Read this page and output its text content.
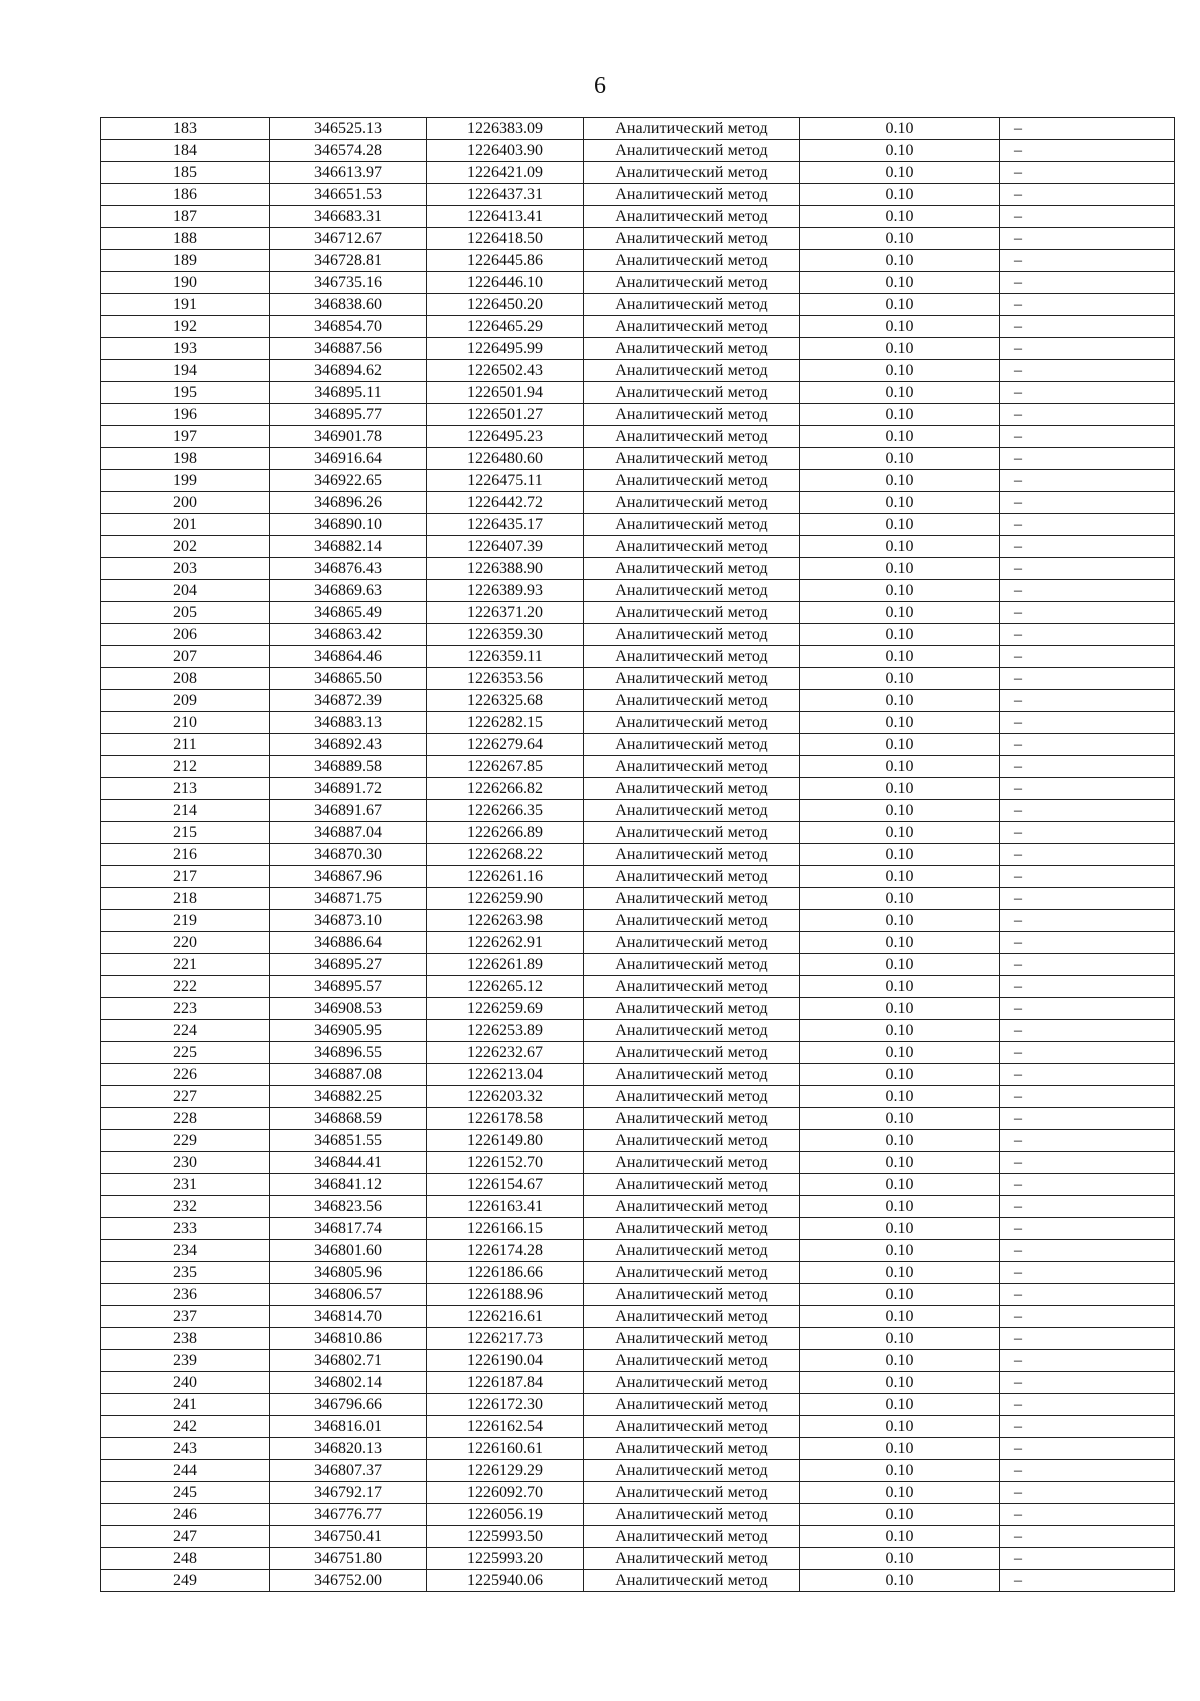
6
183	346525.13	1226383.09	Аналитический метод	0.10	–
184	346574.28	1226403.90	Аналитический метод	0.10	–
185	346613.97	1226421.09	Аналитический метод	0.10	–
186	346651.53	1226437.31	Аналитический метод	0.10	–
187	346683.31	1226413.41	Аналитический метод	0.10	–
188	346712.67	1226418.50	Аналитический метод	0.10	–
189	346728.81	1226445.86	Аналитический метод	0.10	–
190	346735.16	1226446.10	Аналитический метод	0.10	–
191	346838.60	1226450.20	Аналитический метод	0.10	–
192	346854.70	1226465.29	Аналитический метод	0.10	–
193	346887.56	1226495.99	Аналитический метод	0.10	–
194	346894.62	1226502.43	Аналитический метод	0.10	–
195	346895.11	1226501.94	Аналитический метод	0.10	–
196	346895.77	1226501.27	Аналитический метод	0.10	–
197	346901.78	1226495.23	Аналитический метод	0.10	–
198	346916.64	1226480.60	Аналитический метод	0.10	–
199	346922.65	1226475.11	Аналитический метод	0.10	–
200	346896.26	1226442.72	Аналитический метод	0.10	–
201	346890.10	1226435.17	Аналитический метод	0.10	–
202	346882.14	1226407.39	Аналитический метод	0.10	–
203	346876.43	1226388.90	Аналитический метод	0.10	–
204	346869.63	1226389.93	Аналитический метод	0.10	–
205	346865.49	1226371.20	Аналитический метод	0.10	–
206	346863.42	1226359.30	Аналитический метод	0.10	–
207	346864.46	1226359.11	Аналитический метод	0.10	–
208	346865.50	1226353.56	Аналитический метод	0.10	–
209	346872.39	1226325.68	Аналитический метод	0.10	–
210	346883.13	1226282.15	Аналитический метод	0.10	–
211	346892.43	1226279.64	Аналитический метод	0.10	–
212	346889.58	1226267.85	Аналитический метод	0.10	–
213	346891.72	1226266.82	Аналитический метод	0.10	–
214	346891.67	1226266.35	Аналитический метод	0.10	–
215	346887.04	1226266.89	Аналитический метод	0.10	–
216	346870.30	1226268.22	Аналитический метод	0.10	–
217	346867.96	1226261.16	Аналитический метод	0.10	–
218	346871.75	1226259.90	Аналитический метод	0.10	–
219	346873.10	1226263.98	Аналитический метод	0.10	–
220	346886.64	1226262.91	Аналитический метод	0.10	–
221	346895.27	1226261.89	Аналитический метод	0.10	–
222	346895.57	1226265.12	Аналитический метод	0.10	–
223	346908.53	1226259.69	Аналитический метод	0.10	–
224	346905.95	1226253.89	Аналитический метод	0.10	–
225	346896.55	1226232.67	Аналитический метод	0.10	–
226	346887.08	1226213.04	Аналитический метод	0.10	–
227	346882.25	1226203.32	Аналитический метод	0.10	–
228	346868.59	1226178.58	Аналитический метод	0.10	–
229	346851.55	1226149.80	Аналитический метод	0.10	–
230	346844.41	1226152.70	Аналитический метод	0.10	–
231	346841.12	1226154.67	Аналитический метод	0.10	–
232	346823.56	1226163.41	Аналитический метод	0.10	–
233	346817.74	1226166.15	Аналитический метод	0.10	–
234	346801.60	1226174.28	Аналитический метод	0.10	–
235	346805.96	1226186.66	Аналитический метод	0.10	–
236	346806.57	1226188.96	Аналитический метод	0.10	–
237	346814.70	1226216.61	Аналитический метод	0.10	–
238	346810.86	1226217.73	Аналитический метод	0.10	–
239	346802.71	1226190.04	Аналитический метод	0.10	–
240	346802.14	1226187.84	Аналитический метод	0.10	–
241	346796.66	1226172.30	Аналитический метод	0.10	–
242	346816.01	1226162.54	Аналитический метод	0.10	–
243	346820.13	1226160.61	Аналитический метод	0.10	–
244	346807.37	1226129.29	Аналитический метод	0.10	–
245	346792.17	1226092.70	Аналитический метод	0.10	–
246	346776.77	1226056.19	Аналитический метод	0.10	–
247	346750.41	1225993.50	Аналитический метод	0.10	–
248	346751.80	1225993.20	Аналитический метод	0.10	–
249	346752.00	1225940.06	Аналитический метод	0.10	–
